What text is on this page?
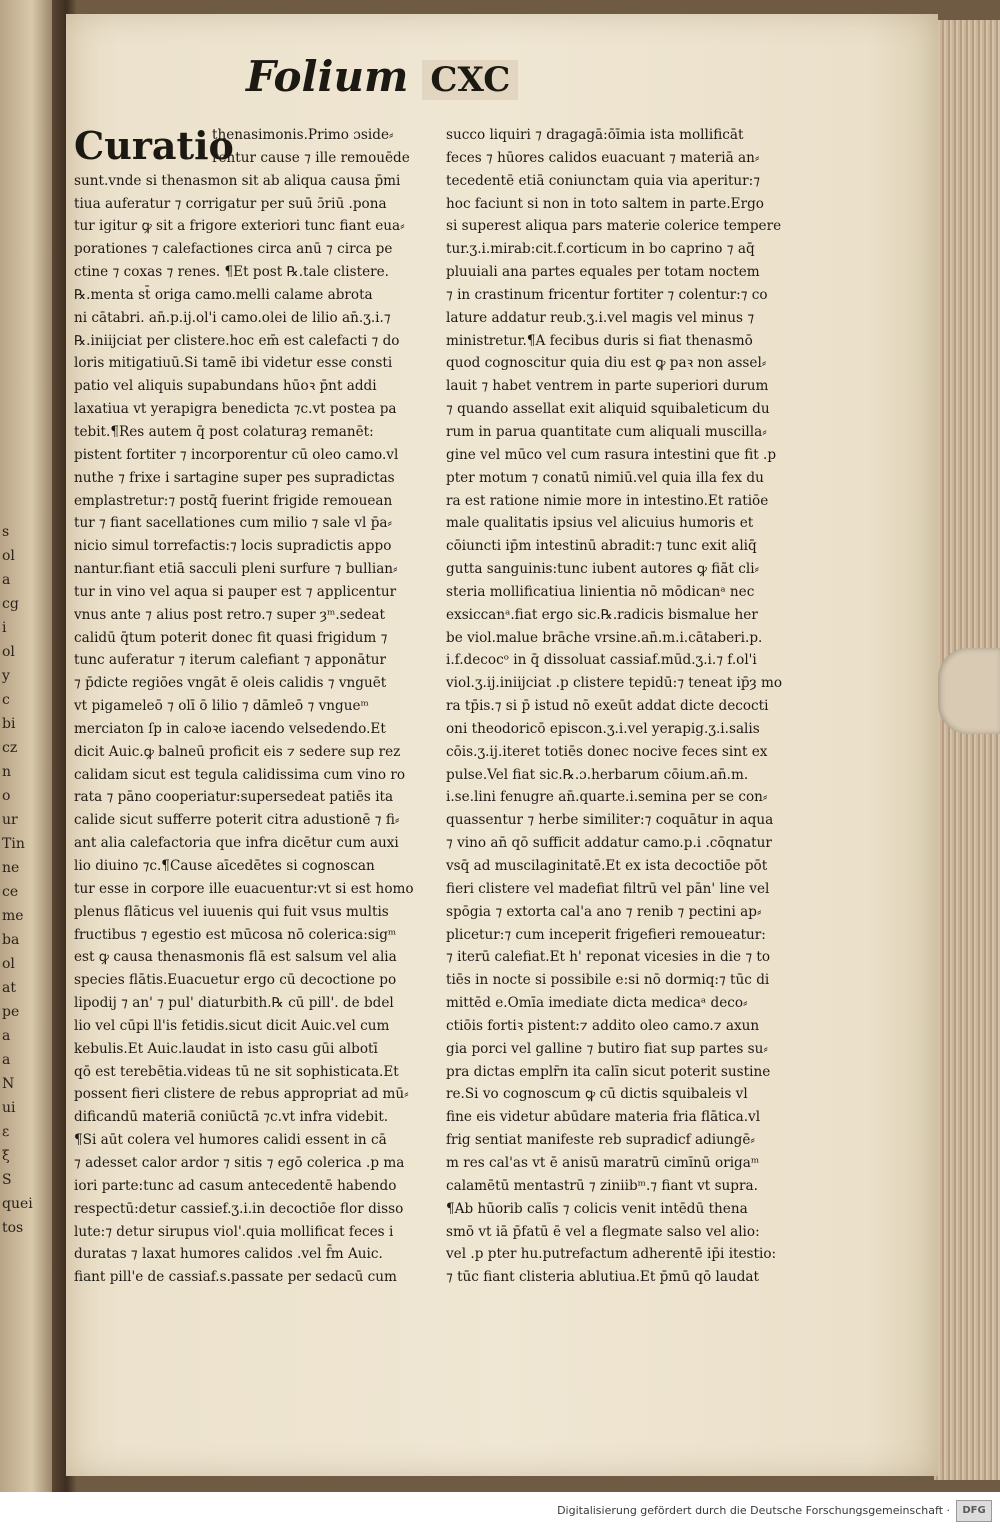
s
ol
a
cg
i
ol
y
c
bi
cz
n
o
ur
Tin
ne
ce
me
ba
ol
at
pe
a
a
N
ui
ε
ξ
S
quei
tos
Folium CXC
thenasimonis.Primo ɔside⸗
rentur cause ⁊ ille remouēde
sunt.vnde si thenasmon sit ab aliqua causa p̄mi
tiua auferatur ⁊ corrigatur per suū ɔ̄riū .pona
tur igitur ꝙ sit a frigore exteriori tunc fiant eua⸗
porationes ⁊ calefactiones circa anū ⁊ circa pe
ctine ⁊ coxas ⁊ renes. ¶Et post ℞.tale clistere.
℞.menta st̄ origa camo.melli calame abrota
ni cātabri. an̄.p.ij.ol'i camo.olei de lilio an̄.ʒ.i.⁊
℞.iniijciat per clistere.hoc em̄ est calefacti ⁊ do
loris mitigatiuū.Si tamē ibi videtur esse consti
patio vel aliquis supabundans hūoꝛ p̄nt addi
laxatiua vt yerapigra benedicta ⁊c.vt postea pa
tebit.¶Res autem q̄ post colaturaȝ remanēt:
pistent fortiter ⁊ incorporentur cū oleo camo.vl
nuthe ⁊ frixe i sartagine super pes supradictas
emplastretur:⁊ postq̄ fuerint frigide remouean
tur ⁊ fiant sacellationes cum milio ⁊ sale vl p̄a⸗
nicio simul torrefactis:⁊ locis supradictis appo
nantur.fiant etiā sacculi pleni surfure ⁊ bullian⸗
tur in vino vel aqua si pauper est ⁊ applicentur
vnus ante ⁊ alius post retro.⁊ super ȝᵐ.sedeat
calidū q̄tum poterit donec fit quasi frigidum ⁊
tunc auferatur ⁊ iterum calefiant ⁊ apponātur
⁊ p̄dicte regiōes vngāt ē oleis calidis ⁊ vnguēt
vt pigameleō ⁊ olī ō lilio ⁊ dāmleō ⁊ vngueᵐ
merciaton ſp in caloꝛe iacendo velsedendo.Et
dicit Auic.ꝙ balneū proficit eis ⁊ sedere sup rez
calidam sicut est tegula calidissima cum vino ro
rata ⁊ pāno cooperiatur:supersedeat patiēs ita
calide sicut sufferre poterit citra adustionē ⁊ fi⸗
ant alia calefactoria que infra dicētur cum auxi
lio diuino ⁊c.¶Cause aīcedētes si cognoscan
tur esse in corpore ille euacuentur:vt si est homo
plenus flāticus vel iuuenis qui fuit vsus multis
fructibus ⁊ egestio est mūcosa nō colerica:sigᵐ
est ꝙ causa thenasmonis flā est salsum vel alia
species flātis.Euacuetur ergo cū decoctione po
lipodij ⁊ an' ⁊ pul' diaturbith.℞ cū pill'. de bdel
lio vel cūpi ll'is fetidis.sicut dicit Auic.vel cum
kebulis.Et Auic.laudat in isto casu gūi albotī
qō est terebētia.videas tū ne sit sophisticata.Et
possent fieri clistere de rebus appropriat ad mū⸗
dificandū materiā coniūctā ⁊c.vt infra videbit.
¶Si aūt colera vel humores calidi essent in cā
⁊ adesset calor ardor ⁊ sitis ⁊ egō colerica .p ma
iori parte:tunc ad casum antecedentē habendo
respectū:detur cassief.ʒ.i.in decoctiōe flor disso
lute:⁊ detur sirupus viol'.quia mollificat feces i
duratas ⁊ laxat humores calidos .vel f̄m Auic.
fiant pill'e de cassiaf.s.passate per sedacū cum
Curatio	succo liquiri ⁊ dragagā:ōīmia ista mollificāt
feces ⁊ hūores calidos euacuant ⁊ materiā an⸗
tecedentē etiā coniunctam quia via aperitur:⁊
hoc faciunt si non in toto saltem in parte.Ergo
si superest aliqua pars materie colerice tempere
tur.ʒ.i.mirab:cit.f.corticum in bo caprino ⁊ aq̄
pluuiali ana partes equales per totam noctem
⁊ in crastinum fricentur fortiter ⁊ colentur:⁊ co
lature addatur reub.ʒ.i.vel magis vel minus ⁊
ministretur.¶A fecibus duris si fiat thenasmō
quod cognoscitur quia diu est ꝙ paꝛ non assel⸗
lauit ⁊ habet ventrem in parte superiori durum
⁊ quando assellat exit aliquid squibaleticum du
rum in parua quantitate cum aliquali muscilla⸗
gine vel mūco vel cum rasura intestini que fit .p
pter motum ⁊ conatū nimiū.vel quia illa fex du
ra est ratione nimie more in intestino.Et ratiōe
male qualitatis ipsius vel alicuius humoris et
cōiuncti ip̄m intestinū abradit:⁊ tunc exit aliq̄
gutta sanguinis:tunc iubent autores ꝙ fiāt cli⸗
steria mollificatiua linientia nō mōdicanᵃ nec
exsiccanᵃ.fiat ergo sic.℞.radicis bismalue her
be viol.malue brāche vrsine.an̄.m.i.cātaberi.p.
i.f.decocᵒ in q̄ dissoluat cassiaf.mūd.ʒ.i.⁊ f.ol'i
viol.ʒ.ij.iniijciat .p clistere tepidū:⁊ teneat ip̄ȝ mo
ra tp̄is.⁊ si p̄ istud nō exeūt addat dicte decocti
oni theodoricō episcon.ʒ.i.vel yerapig.ʒ.i.salis
cōis.ʒ.ij.iteret totiēs donec nocive feces sint ex
pulse.Vel fiat sic.℞.ɔ.herbarum cōium.an̄.m.
i.se.lini fenugre an̄.quarte.i.semina per se con⸗
quassentur ⁊ herbe similiter:⁊ coquātur in aqua
⁊ vino an̄ qō sufficit addatur camo.p.i .cōqnatur
vsq̄ ad muscilaginitatē.Et ex ista decoctiōe pōt
fieri clistere vel madefiat filtrū vel pān' line vel
spōgia ⁊ extorta cal'a ano ⁊ renib ⁊ pectini ap⸗
plicetur:⁊ cum inceperit frigefieri remoueatur:
⁊ iterū calefiat.Et h' reponat vicesies in die ⁊ to
tiēs in nocte si possibile e:si nō dormiq:⁊ tūc di
mittēd e.Omīa imediate dicta medicaᵃ deco⸗
ctiōis fortiꝛ pistent:⁊ addito oleo camo.⁊ axun
gia porci vel galline ⁊ butiro fiat sup partes su⸗
pra dictas emplr̄n ita calīn sicut poterit sustine
re.Si vo cognoscum ꝙ cū dictis squibaleis vl
fine eis videtur abūdare materia fria flātica.vl
frig sentiat manifeste reb supradicf adiungē⸗
m res cal'as vt ē anisū maratrū cimīnū origaᵐ
calamētū mentastrū ⁊ ziniibᵐ.⁊ fiant vt supra.
¶Ab hūorib calīs ⁊ colicis venit intēdū thena
smō vt iā p̄fatū ē vel a flegmate salso vel alio:
vel .p pter hu.putrefactum adherentē ip̄i itestio:
⁊ tūc fiant clisteria ablutiua.Et p̄mū qō laudat
Digitalisierung gefördert durch die Deutsche Forschungsgemeinschaft ·	DFG
